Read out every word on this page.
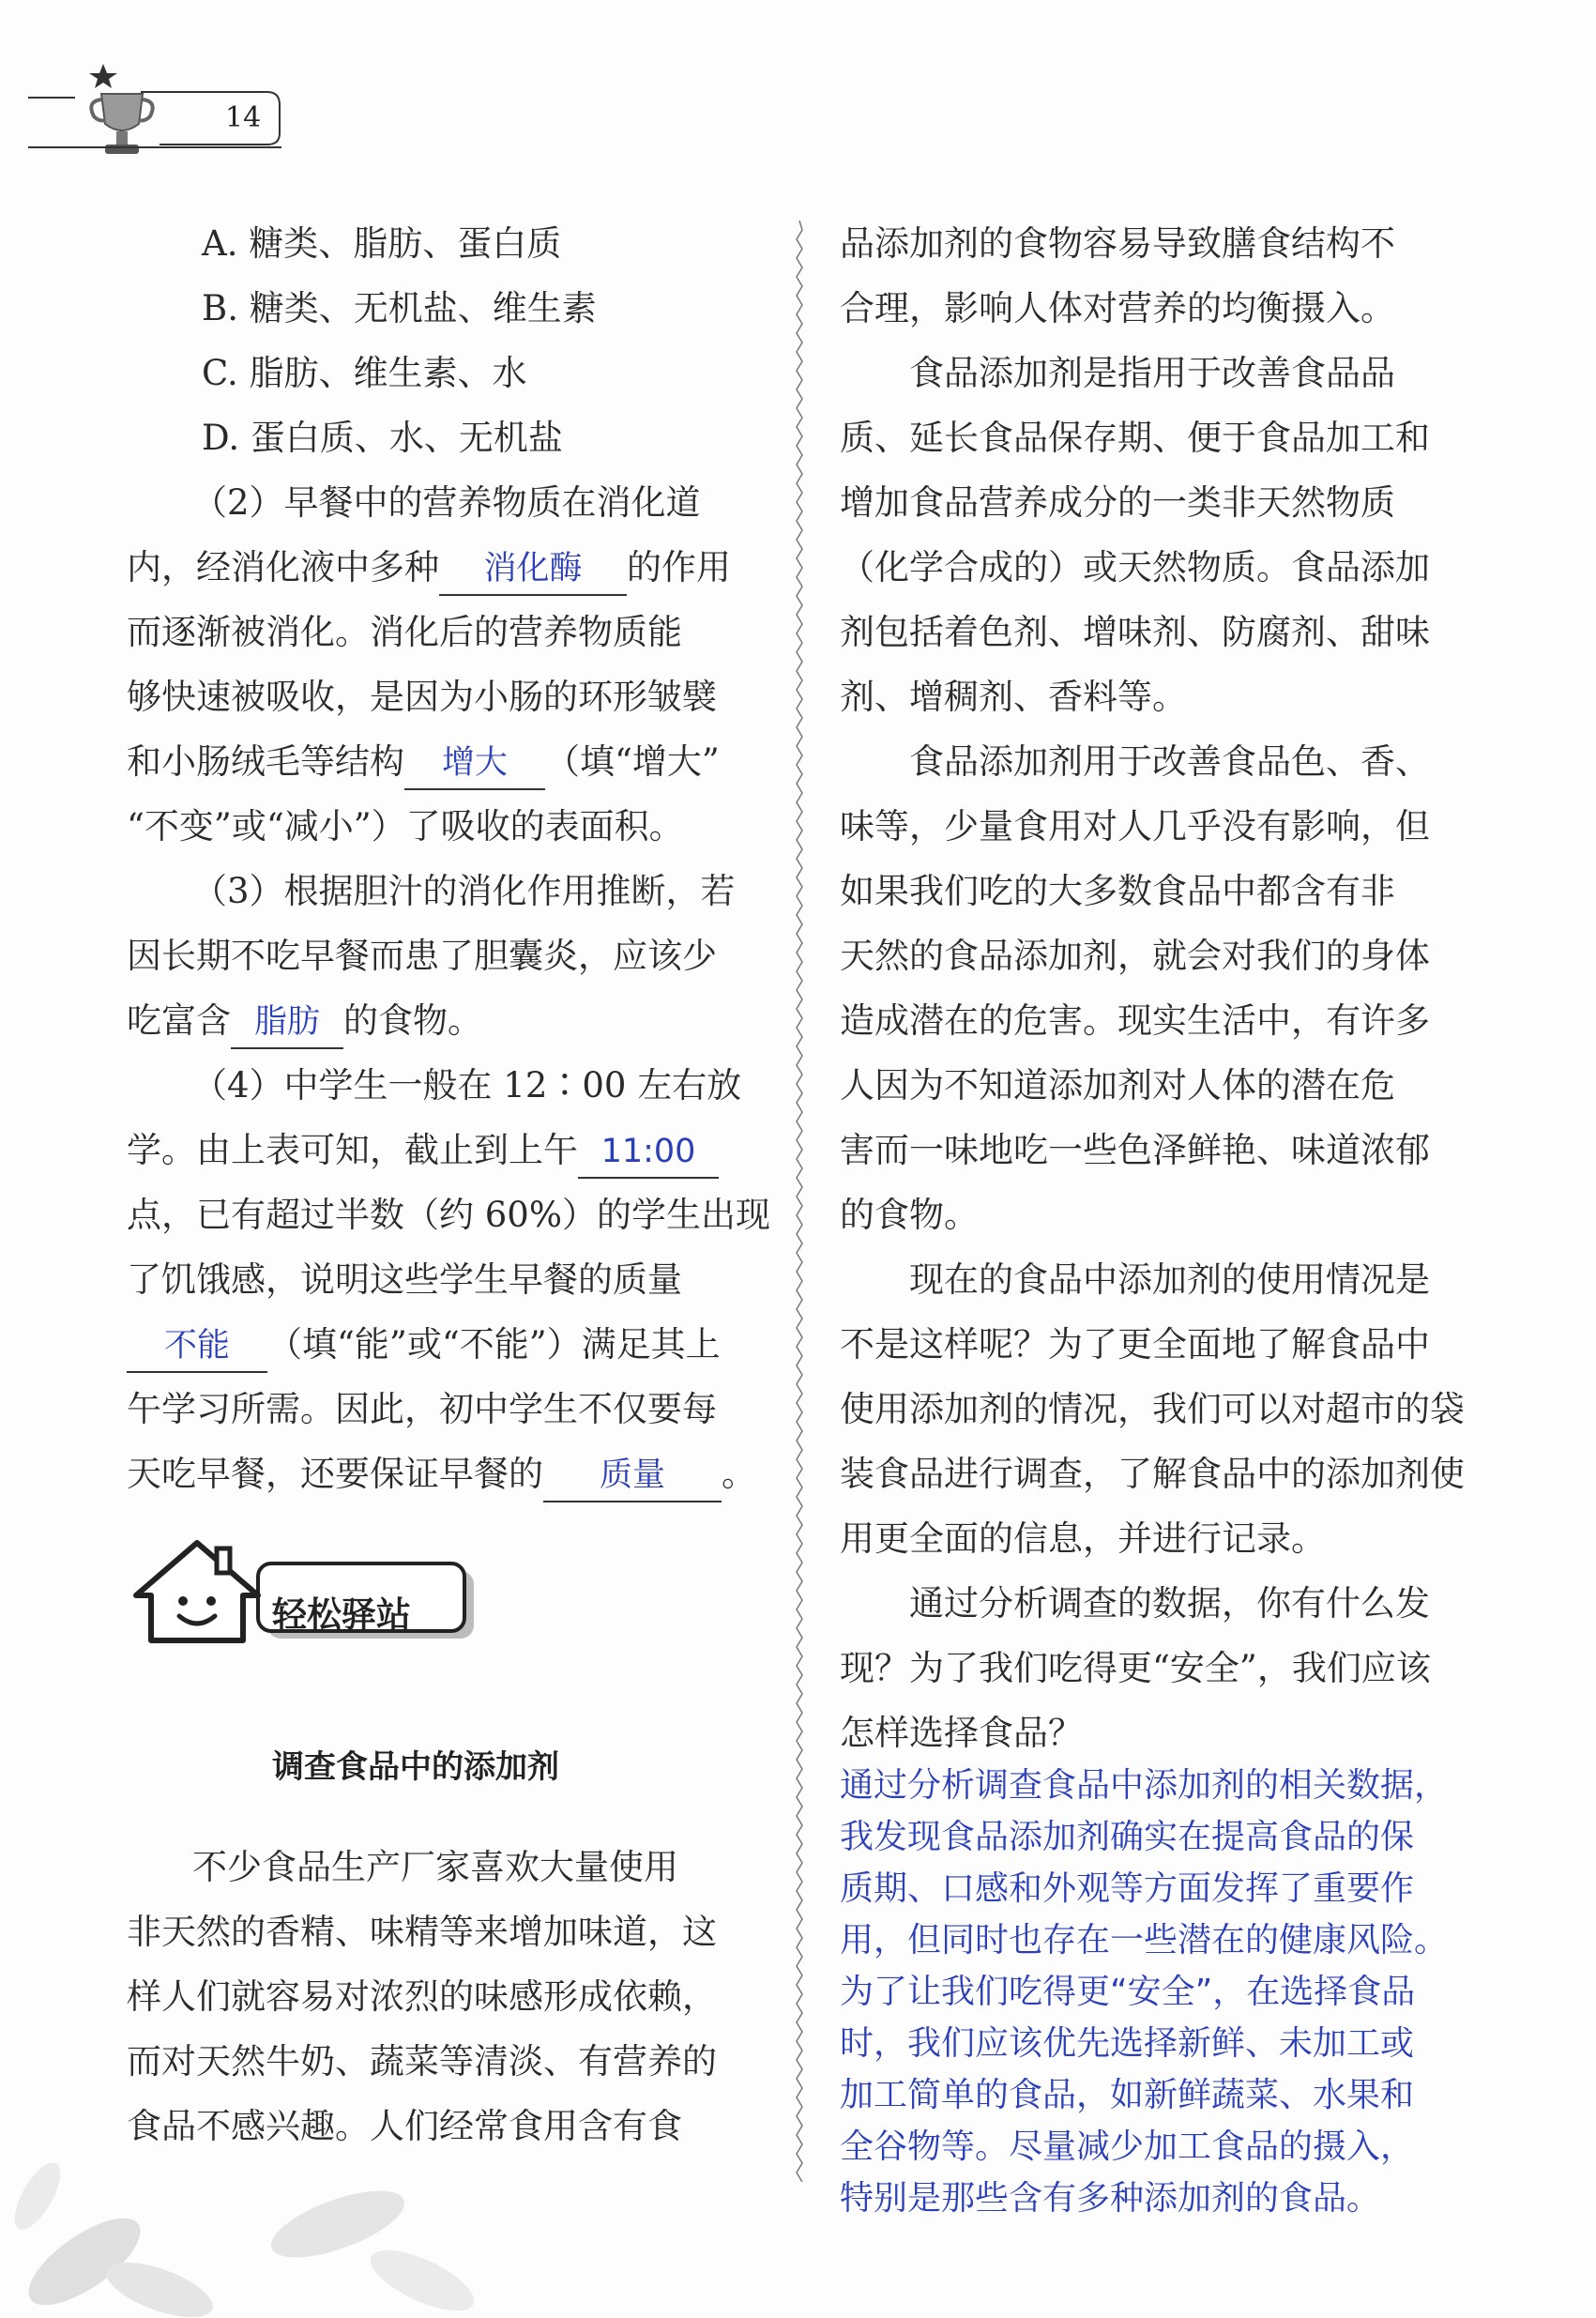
14
A. 糖类、脂肪、蛋白质
B. 糖类、无机盐、维生素
C. 脂肪、维生素、水
D. 蛋白质、水、无机盐
（2）早餐中的营养物质在消化道
内，经消化液中多种 消化酶 的作用
而逐渐被消化。消化后的营养物质能
够快速被吸收，是因为小肠的环形皱襞
和小肠绒毛等结构 增大 （填“增大”
“不变”或“减小”）了吸收的表面积。
（3）根据胆汁的消化作用推断，若
因长期不吃早餐而患了胆囊炎，应该少
吃富含 脂肪 的食物。
（4）中学生一般在 12∶00 左右放
学。由上表可知，截止到上午 11:00
点，已有超过半数（约 60%）的学生出现
了饥饿感，说明这些学生早餐的质量
不能 （填“能”或“不能”）满足其上
午学习所需。因此，初中学生不仅要每
天吃早餐，还要保证早餐的 质量 。
轻松驿站
调查食品中的添加剂
不少食品生产厂家喜欢大量使用
非天然的香精、味精等来增加味道，这
样人们就容易对浓烈的味感形成依赖，
而对天然牛奶、蔬菜等清淡、有营养的
食品不感兴趣。人们经常食用含有食
品添加剂的食物容易导致膳食结构不
合理，影响人体对营养的均衡摄入。
　　食品添加剂是指用于改善食品品
质、延长食品保存期、便于食品加工和
增加食品营养成分的一类非天然物质
（化学合成的）或天然物质。食品添加
剂包括着色剂、增味剂、防腐剂、甜味
剂、增稠剂、香料等。
　　食品添加剂用于改善食品色、香、
味等，少量食用对人几乎没有影响，但
如果我们吃的大多数食品中都含有非
天然的食品添加剂，就会对我们的身体
造成潜在的危害。现实生活中，有许多
人因为不知道添加剂对人体的潜在危
害而一味地吃一些色泽鲜艳、味道浓郁
的食物。
　　现在的食品中添加剂的使用情况是
不是这样呢？为了更全面地了解食品中
使用添加剂的情况，我们可以对超市的袋
装食品进行调查，了解食品中的添加剂使
用更全面的信息，并进行记录。
　　通过分析调查的数据，你有什么发
现？为了我们吃得更“安全”，我们应该
怎样选择食品？
通过分析调查食品中添加剂的相关数据，
我发现食品添加剂确实在提高食品的保
质期、口感和外观等方面发挥了重要作
用，但同时也存在一些潜在的健康风险。
为了让我们吃得更“安全”，在选择食品
时，我们应该优先选择新鲜、未加工或
加工简单的食品，如新鲜蔬菜、水果和
全谷物等。尽量减少加工食品的摄入，
特别是那些含有多种添加剂的食品。
